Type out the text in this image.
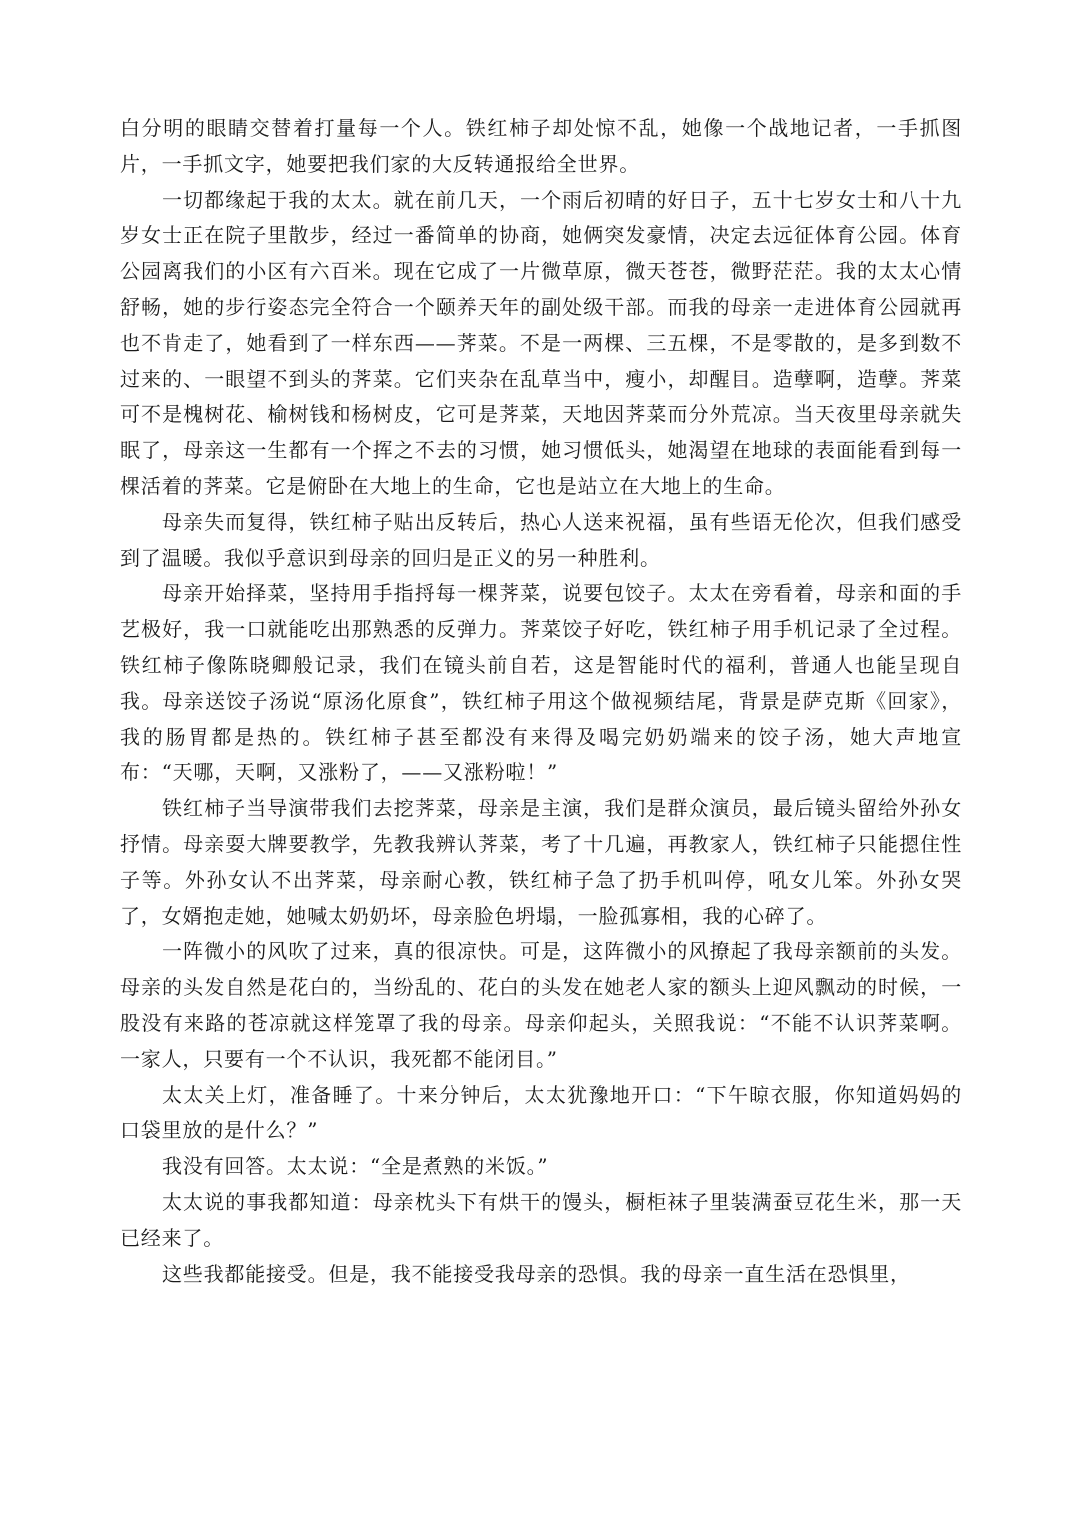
白分明的眼睛交替着打量每一个人。铁红柿子却处惊不乱，她像一个战地记者，一手抓图片，一手抓文字，她要把我们家的大反转通报给全世界。

一切都缘起于我的太太。就在前几天，一个雨后初晴的好日子，五十七岁女士和八十九岁女士正在院子里散步，经过一番简单的协商，她俩突发豪情，决定去远征体育公园。体育公园离我们的小区有六百米。现在它成了一片微草原，微天苍苍，微野茫茫。我的太太心情舒畅，她的步行姿态完全符合一个颐养天年的副处级干部。而我的母亲一走进体育公园就再也不肯走了，她看到了一样东西——荠菜。不是一两棵、三五棵，不是零散的，是多到数不过来的、一眼望不到头的荠菜。它们夹杂在乱草当中，瘦小，却醒目。造孽啊，造孽。荠菜可不是槐树花、榆树钱和杨树皮，它可是荠菜，天地因荠菜而分外荒凉。当天夜里母亲就失眠了，母亲这一生都有一个挥之不去的习惯，她习惯低头，她渴望在地球的表面能看到每一棵活着的荠菜。它是俯卧在大地上的生命，它也是站立在大地上的生命。

母亲失而复得，铁红柿子贴出反转后，热心人送来祝福，虽有些语无伦次，但我们感受到了温暖。我似乎意识到母亲的回归是正义的另一种胜利。

母亲开始择菜，坚持用手指捋每一棵荠菜，说要包饺子。太太在旁看着，母亲和面的手艺极好，我一口就能吃出那熟悉的反弹力。荠菜饺子好吃，铁红柿子用手机记录了全过程。铁红柿子像陈晓卿般记录，我们在镜头前自若，这是智能时代的福利，普通人也能呈现自我。母亲送饺子汤说“原汤化原食”，铁红柿子用这个做视频结尾，背景是萨克斯《回家》，我的肠胃都是热的。铁红柿子甚至都没有来得及喝完奶奶端来的饺子汤，她大声地宣布：“天哪，天啊，又涨粉了，——又涨粉啦！”

铁红柿子当导演带我们去挖荠菜，母亲是主演，我们是群众演员，最后镜头留给外孙女抒情。母亲耍大牌要教学，先教我辨认荠菜，考了十几遍，再教家人，铁红柿子只能摁住性子等。外孙女认不出荠菜，母亲耐心教，铁红柿子急了扔手机叫停，吼女儿笨。外孙女哭了，女婿抱走她，她喊太奶奶坏，母亲脸色坍塌，一脸孤寡相，我的心碎了。

一阵微小的风吹了过来，真的很凉快。可是，这阵微小的风撩起了我母亲额前的头发。母亲的头发自然是花白的，当纷乱的、花白的头发在她老人家的额头上迎风飘动的时候，一股没有来路的苍凉就这样笼罩了我的母亲。母亲仰起头，关照我说：“不能不认识荠菜啊。一家人，只要有一个不认识，我死都不能闭目。”

太太关上灯，准备睡了。十来分钟后，太太犹豫地开口：“下午晾衣服，你知道妈妈的口袋里放的是什么？”

我没有回答。太太说：“全是煮熟的米饭。”

太太说的事我都知道：母亲枕头下有烘干的馒头，橱柜袜子里装满蚕豆花生米，那一天已经来了。

这些我都能接受。但是，我不能接受我母亲的恐惧。我的母亲一直生活在恐惧里，
